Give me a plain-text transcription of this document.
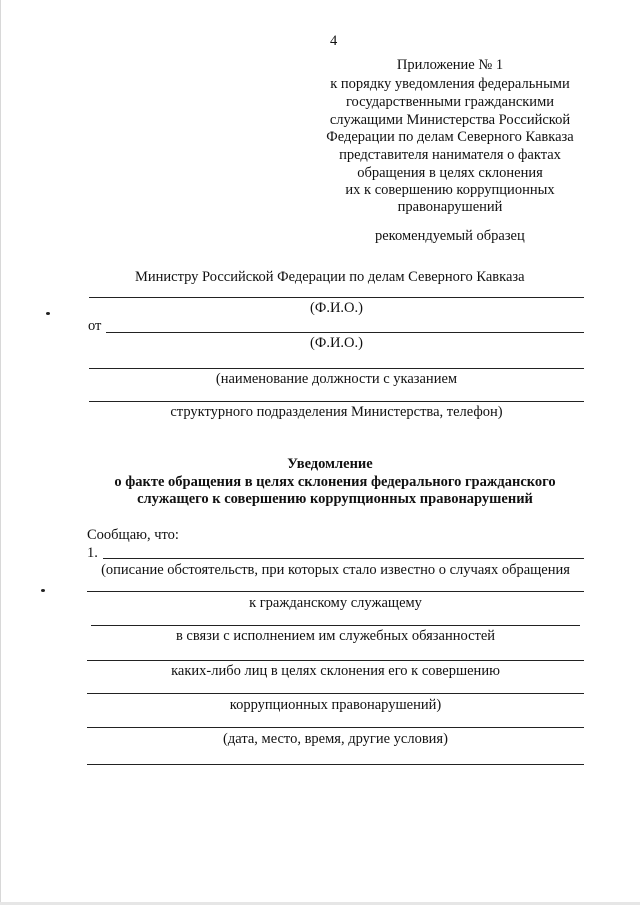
4
Приложение № 1
к порядку уведомления федеральными
государственными гражданскими
служащими Министерства Российской
Федерации по делам Северного Кавказа
представителя нанимателя о фактах
обращения в целях склонения
их к совершению коррупционных
правонарушений
рекомендуемый образец
Министру Российской Федерации по делам Северного Кавказа
(Ф.И.О.)
от
(Ф.И.О.)
(наименование должности с указанием
структурного подразделения Министерства, телефон)
Уведомление
о факте обращения в целях склонения федерального гражданского
служащего к совершению коррупционных правонарушений
Сообщаю, что:
1.
(описание обстоятельств, при которых стало известно о случаях обращения
к гражданскому служащему
в связи с исполнением им служебных обязанностей
каких-либо лиц в целях склонения его к совершению
коррупционных правонарушений)
(дата, место, время, другие условия)
